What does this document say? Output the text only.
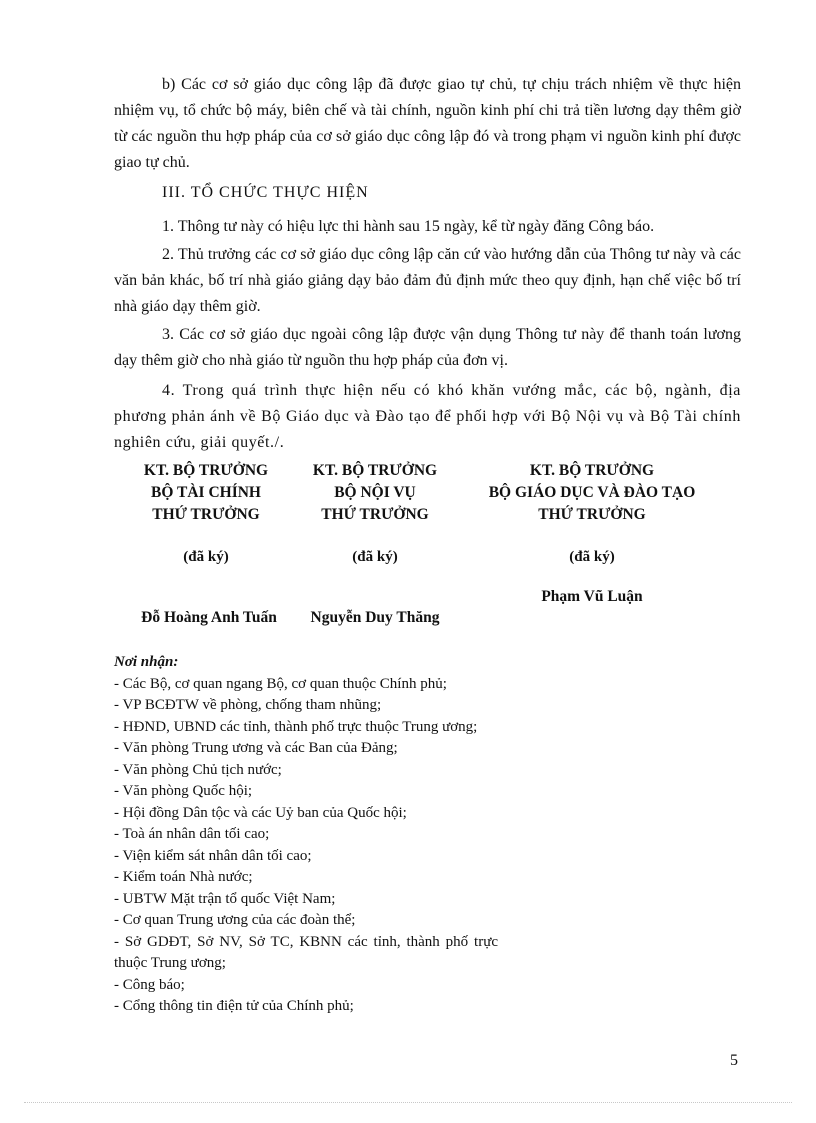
b) Các cơ sở giáo dục công lập đã được giao tự chủ, tự chịu trách nhiệm về thực hiện nhiệm vụ, tổ chức bộ máy, biên chế và tài chính, nguồn kinh phí chi trả tiền lương dạy thêm giờ từ các nguồn thu hợp pháp của cơ sở giáo dục công lập đó và trong phạm vi nguồn kinh phí được giao tự chủ.

III. TỔ CHỨC THỰC HIỆN

1. Thông tư này có hiệu lực thi hành sau 15 ngày, kể từ ngày đăng Công báo.

2. Thủ trưởng các cơ sở giáo dục công lập căn cứ vào hướng dẫn của Thông tư này và các văn bản khác, bố trí nhà giáo giảng dạy bảo đảm đủ định mức theo quy định, hạn chế việc bố trí nhà giáo dạy thêm giờ.

3. Các cơ sở giáo dục ngoài công lập được vận dụng Thông tư này để thanh toán lương dạy thêm giờ cho nhà giáo từ nguồn thu hợp pháp của đơn vị.

4. Trong quá trình thực hiện nếu có khó khăn vướng mắc, các bộ, ngành, địa phương phản ánh về Bộ Giáo dục và Đào tạo để phối hợp với Bộ Nội vụ và Bộ Tài chính nghiên cứu, giải quyết./.

KT. BỘ TRƯỞNG
BỘ TÀI CHÍNH
THỨ TRƯỞNG
(đã ký)
KT. BỘ TRƯỞNG
BỘ NỘI VỤ
THỨ TRƯỞNG
(đã ký)
KT. BỘ TRƯỞNG
BỘ GIÁO DỤC VÀ ĐÀO TẠO
THỨ TRƯỞNG
(đã ký)
Đỗ Hoàng Anh Tuấn	Nguyễn Duy Thăng
Phạm Vũ Luận

Nơi nhận:

- Các Bộ, cơ quan ngang Bộ, cơ quan thuộc Chính phủ;

- VP BCĐTW về phòng, chống tham nhũng;

- HĐND, UBND các tỉnh, thành phố trực thuộc Trung ương;

- Văn phòng Trung ương và các Ban của Đảng;

- Văn phòng Chủ tịch nước;

- Văn phòng Quốc hội;

- Hội đồng Dân tộc và các Uỷ ban của Quốc hội;

- Toà án nhân dân tối cao;

- Viện kiểm sát nhân dân tối cao;

- Kiểm toán Nhà nước;

- UBTW Mặt trận tổ quốc Việt Nam;

- Cơ quan Trung ương của các đoàn thể;

- Sở GDĐT, Sở NV, Sở TC, KBNN các tỉnh, thành phố trực thuộc Trung ương;

- Công báo;

- Cổng thông tin điện tử của Chính phủ;

5
